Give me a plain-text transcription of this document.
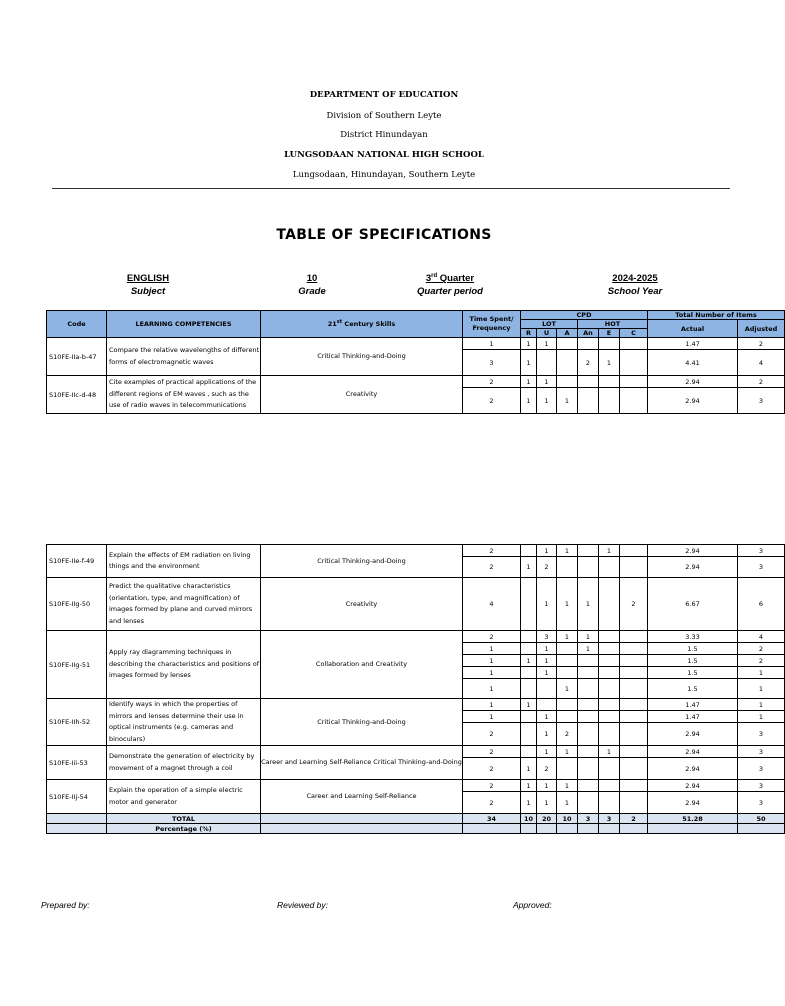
DEPARTMENT OF EDUCATION
Division of Southern Leyte
District Hinundayan
LUNGSODAAN NATIONAL HIGH SCHOOL
Lungsodaan, Hinundayan, Southern Leyte
TABLE OF SPECIFICATIONS
ENGLISH
Subject
10
Grade
3rd Quarter
Quarter period
2024-2025
School Year
Code	LEARNING COMPETENCIES	21st Century Skills	Time Spent/ Frequency	CPD						Total Number of Items	
				LOT			HOT			Actual	Adjusted
				R	U	A	An	E	C		
S10FE-IIa-b-47	Compare the relative wavelengths of different forms of electromagnetic waves	Critical Thinking-and-Doing	1	1	1					1.47	2
			3	1			2	1		4.41	4
S10FE-IIc-d-48	Cite examples of practical applications of the different regions of EM waves , such as the use of radio waves in telecommunications	Creativity	2	1	1					2.94	2
			2	1	1	1				2.94	3
S10FE-IIe-f-49	Explain the effects of EM radiation on living things and the environment	Critical Thinking-and-Doing	2		1	1		1		2.94	3
			2	1	2					2.94	3
S10FE-IIg-50	Predict the qualitative characteristics (orientation, type, and magnification) of images formed by plane and curved mirrors and lenses	Creativity	4		1	1	1		2	6.67	6
S10FE-IIg-51	Apply ray diagramming techniques in describing the characteristics and positions of images formed by lenses	Collaboration and Creativity	2		3	1	1			3.33	4
			1		1		1			1.5	2
			1	1	1					1.5	2
			1		1					1.5	1
			1			1				1.5	1
S10FE-IIh-52	Identify ways in which the properties of mirrors and lenses determine their use in optical instruments (e.g. cameras and binoculars)	Critical Thinking-and-Doing	1	1						1.47	1
			1		1					1.47	1
			2		1	2				2.94	3
S10FE-Iii-53	Demonstrate the generation of electricity by movement of a magnet through a coil	Career and Learning Self-Reliance Critical Thinking-and-Doing	2		1	1		1		2.94	3
			2	1	2					2.94	3
S10FE-IIj-54	Explain the operation of a simple electric motor and generator	Career and Learning Self-Reliance	2	1	1	1				2.94	3
			2	1	1	1				2.94	3
	TOTAL		34	10	20	10	3	3	2	51.28	50
	Percentage (%)										
Prepared by:	Reviewed by:	Approved:
